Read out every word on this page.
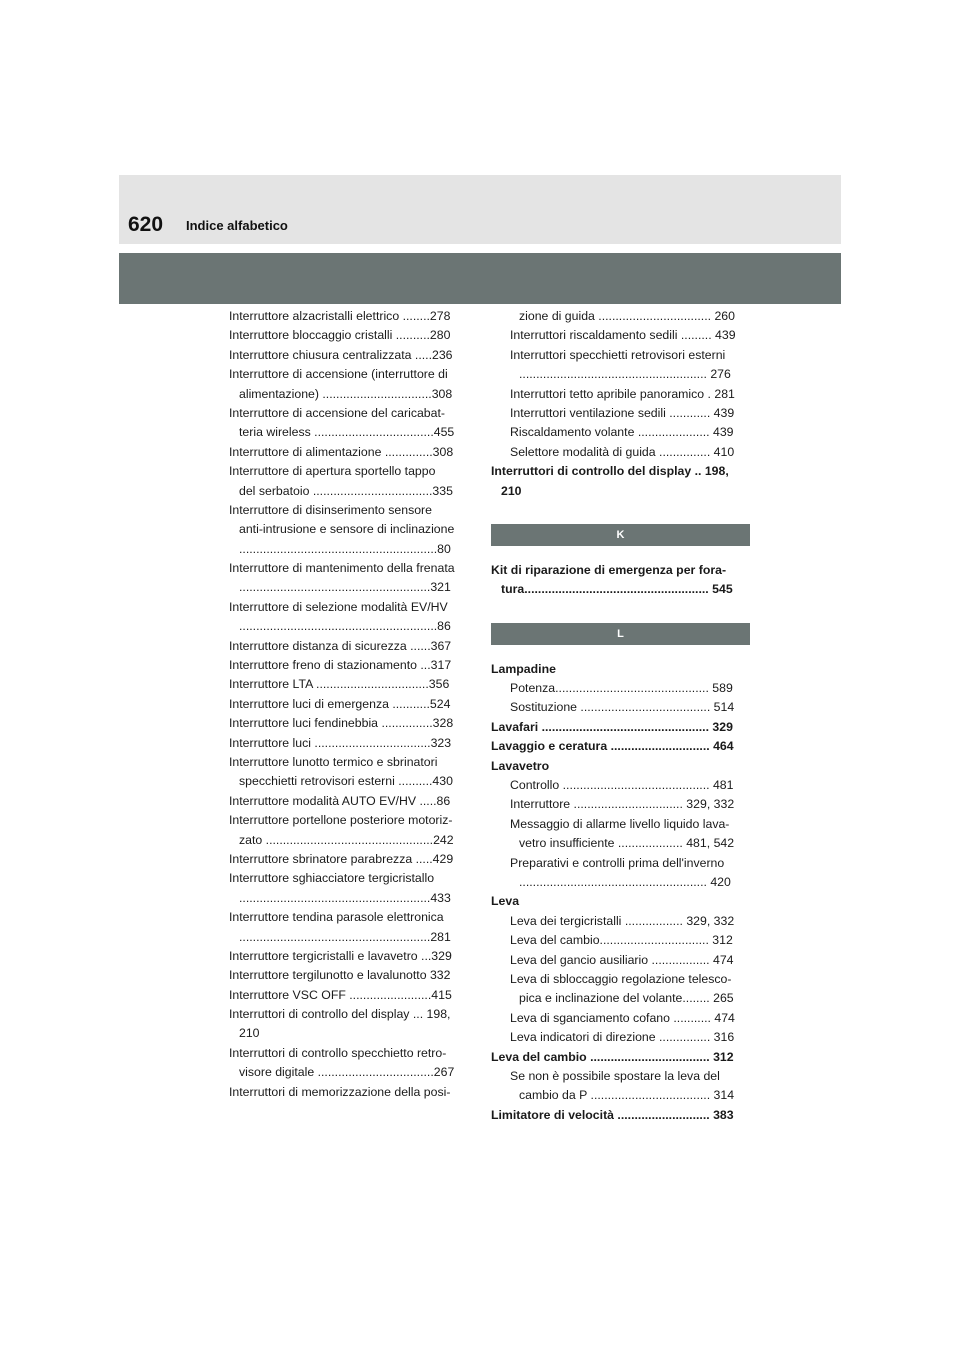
620 Indice alfabetico
Interruttore alzacristalli elettrico ........278
Interruttore bloccaggio cristalli ..........280
Interruttore chiusura centralizzata .....236
Interruttore di accensione (interruttore di
alimentazione) ................................308
Interruttore di accensione del caricabat-
teria wireless ...................................455
Interruttore di alimentazione ..............308
Interruttore di apertura sportello tappo
del serbatoio ...................................335
Interruttore di disinserimento sensore
anti-intrusione e sensore di inclinazione
..........................................................80
Interruttore di mantenimento della frenata
........................................................321
Interruttore di selezione modalità EV/HV
..........................................................86
Interruttore distanza di sicurezza ......367
Interruttore freno di stazionamento ...317
Interruttore LTA .................................356
Interruttore luci di emergenza ...........524
Interruttore luci fendinebbia ...............328
Interruttore luci ..................................323
Interruttore lunotto termico e sbrinatori
specchietti retrovisori esterni ..........430
Interruttore modalità AUTO EV/HV .....86
Interruttore portellone posteriore motoriz-
zato .................................................242
Interruttore sbrinatore parabrezza .....429
Interruttore sghiacciatore tergicristallo
........................................................433
Interruttore tendina parasole elettronica
........................................................281
Interruttore tergicristalli e lavavetro ...329
Interruttore tergilunotto e lavalunotto 332
Interruttore VSC OFF ........................415
Interruttori di controllo del display ... 198,
210
Interruttori di controllo specchietto retro-
visore digitale ..................................267
Interruttori di memorizzazione della posi-
zione di guida ................................. 260
Interruttori riscaldamento sedili ......... 439
Interruttori specchietti retrovisori esterni
....................................................... 276
Interruttori tetto apribile panoramico . 281
Interruttori ventilazione sedili ............ 439
Riscaldamento volante ..................... 439
Selettore modalità di guida ............... 410
Interruttori di controllo del display .. 198,
210
K
Kit di riparazione di emergenza per fora-
tura...................................................... 545
L
Lampadine
Potenza............................................. 589
Sostituzione ...................................... 514
Lavafari ................................................. 329
Lavaggio e ceratura ............................. 464
Lavavetro
Controllo ........................................... 481
Interruttore ................................ 329, 332
Messaggio di allarme livello liquido lava-
vetro insufficiente ................... 481, 542
Preparativi e controlli prima dell'inverno
....................................................... 420
Leva
Leva dei tergicristalli ................. 329, 332
Leva del cambio................................ 312
Leva del gancio ausiliario ................. 474
Leva di sbloccaggio regolazione telesco-
pica e inclinazione del volante........ 265
Leva di sganciamento cofano ........... 474
Leva indicatori di direzione ............... 316
Leva del cambio ................................... 312
Se non è possibile spostare la leva del
cambio da P ................................... 314
Limitatore di velocità ........................... 383
